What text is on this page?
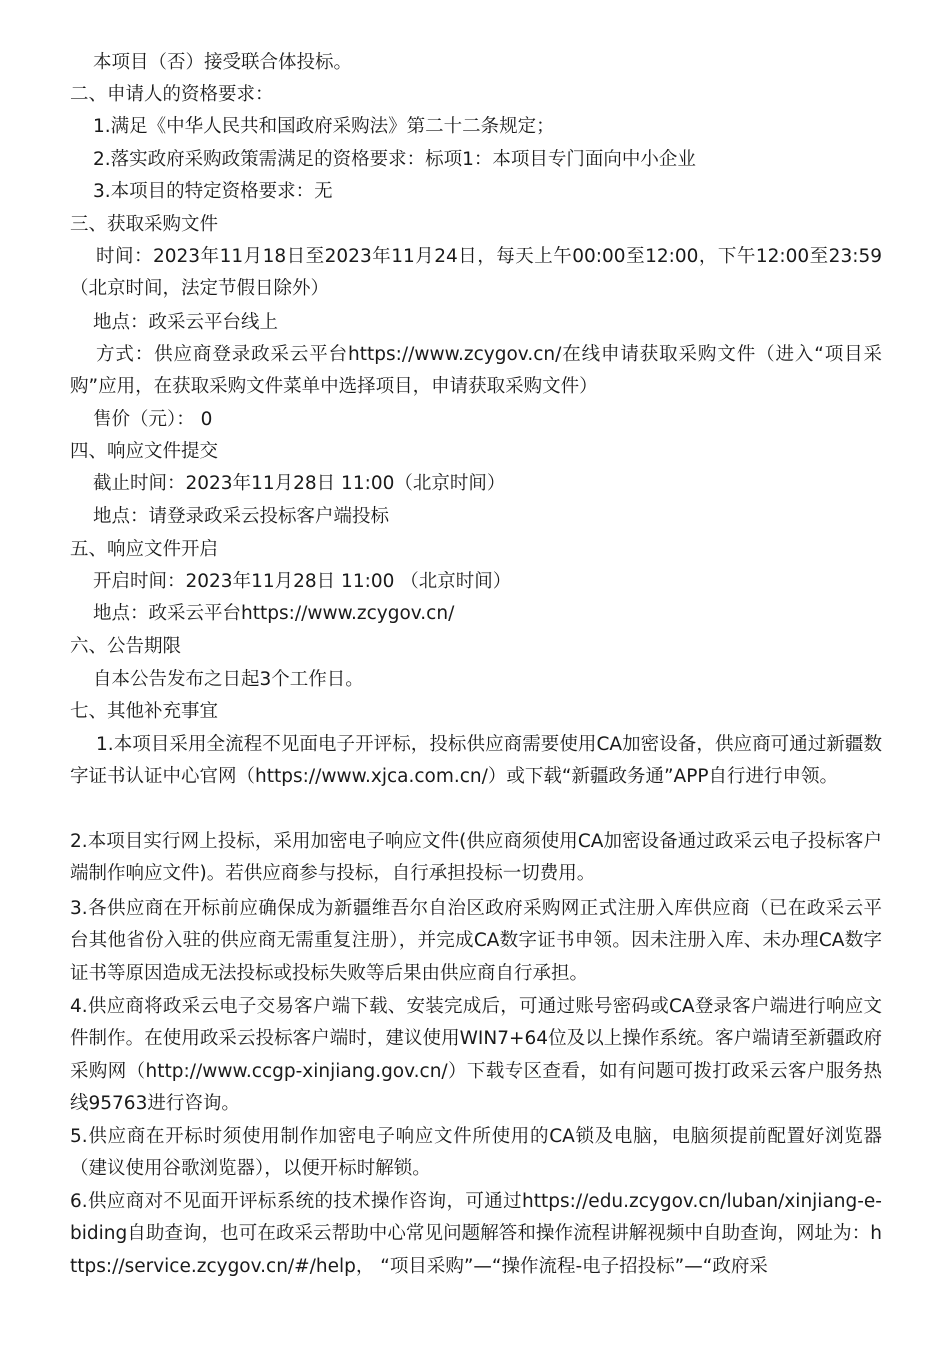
本项目（否）接受联合体投标。
二、申请人的资格要求：
1.满足《中华人民共和国政府采购法》第二十二条规定；
2.落实政府采购政策需满足的资格要求：标项1：本项目专门面向中小企业
3.本项目的特定资格要求：无
三、获取采购文件
时间：2023年11月18日至2023年11月24日，每天上午00:00至12:00，下午12:00至23:59（北京时间，法定节假日除外）
地点：政采云平台线上
方式：供应商登录政采云平台https://www.zcygov.cn/在线申请获取采购文件（进入“项目采购”应用，在获取采购文件菜单中选择项目，申请获取采购文件）
售价（元）： 0
四、响应文件提交
截止时间：2023年11月28日 11:00（北京时间）
地点：请登录政采云投标客户端投标
五、响应文件开启
开启时间：2023年11月28日 11:00 （北京时间）
地点：政采云平台https://www.zcygov.cn/
六、公告期限
自本公告发布之日起3个工作日。
七、其他补充事宜
1.本项目采用全流程不见面电子开评标，投标供应商需要使用CA加密设备，供应商可通过新疆数字证书认证中心官网（https://www.xjca.com.cn/）或下载“新疆政务通”APP自行进行申领。
2.本项目实行网上投标，采用加密电子响应文件(供应商须使用CA加密设备通过政采云电子投标客户端制作响应文件)。若供应商参与投标，自行承担投标一切费用。
3.各供应商在开标前应确保成为新疆维吾尔自治区政府采购网正式注册入库供应商（已在政采云平台其他省份入驻的供应商无需重复注册），并完成CA数字证书申领。因未注册入库、未办理CA数字证书等原因造成无法投标或投标失败等后果由供应商自行承担。
4.供应商将政采云电子交易客户端下载、安装完成后，可通过账号密码或CA登录客户端进行响应文件制作。在使用政采云投标客户端时，建议使用WIN7+64位及以上操作系统。客户端请至新疆政府采购网（http://www.ccgp-xinjiang.gov.cn/）下载专区查看，如有问题可拨打政采云客户服务热线95763进行咨询。
5.供应商在开标时须使用制作加密电子响应文件所使用的CA锁及电脑，电脑须提前配置好浏览器（建议使用谷歌浏览器），以便开标时解锁。
6.供应商对不见面开评标系统的技术操作咨询，可通过https://edu.zcygov.cn/luban/xinjiang-e-biding自助查询，也可在政采云帮助中心常见问题解答和操作流程讲解视频中自助查询，网址为：https://service.zcygov.cn/#/help， “项目采购”—“操作流程-电子招投标”—“政府采
